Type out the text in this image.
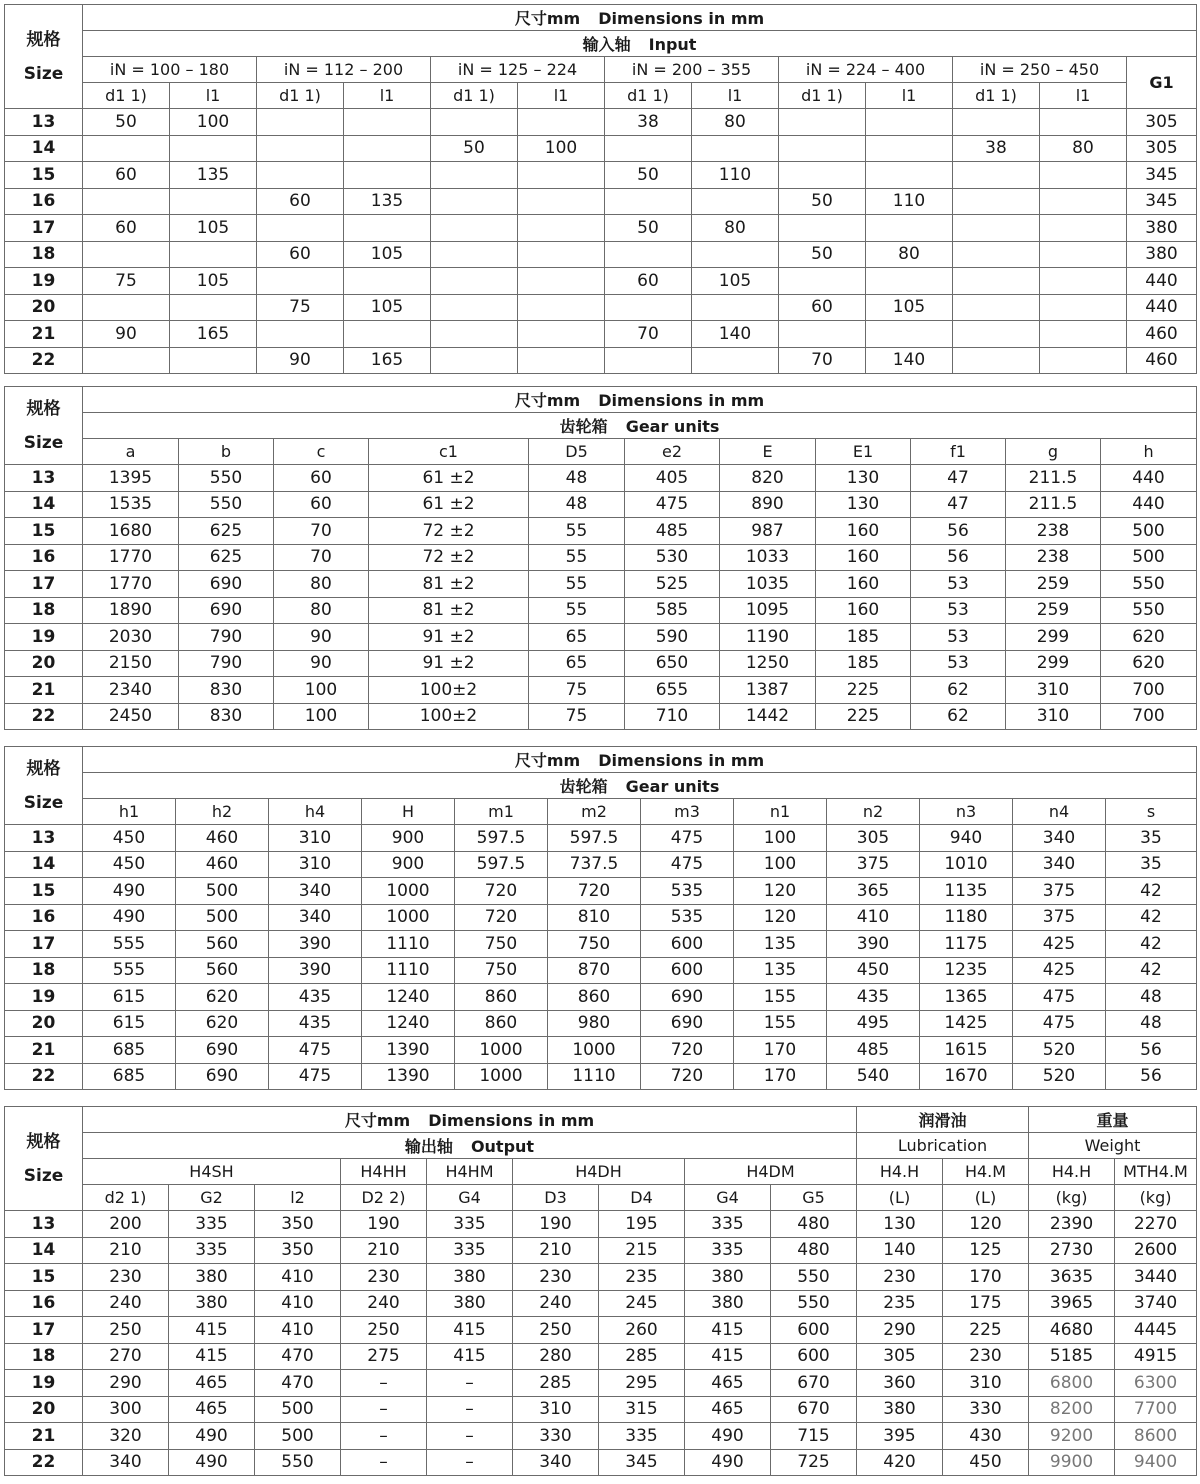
规格
Size	尺寸mm Dimensions in mm												
	输入轴 Input												
	iN = 100 – 180		iN = 112 – 200		iN = 125 – 224		iN = 200 – 355		iN = 224 – 400		iN = 250 – 450		G1
	d1 1)	l1	d1 1)	l1	d1 1)	l1	d1 1)	l1	d1 1)	l1	d1 1)	l1	
13	50	100					38	80					305
14					50	100					38	80	305
15	60	135					50	110					345
16			60	135					50	110			345
17	60	105					50	80					380
18			60	105					50	80			380
19	75	105					60	105					440
20			75	105					60	105			440
21	90	165					70	140					460
22			90	165					70	140			460
规格
Size	尺寸mm Dimensions in mm										
	齿轮箱 Gear units										
	a	b	c	c1	D5	e2	E	E1	f1	g	h
13	1395	550	60	61 ±2	48	405	820	130	47	211.5	440
14	1535	550	60	61 ±2	48	475	890	130	47	211.5	440
15	1680	625	70	72 ±2	55	485	987	160	56	238	500
16	1770	625	70	72 ±2	55	530	1033	160	56	238	500
17	1770	690	80	81 ±2	55	525	1035	160	53	259	550
18	1890	690	80	81 ±2	55	585	1095	160	53	259	550
19	2030	790	90	91 ±2	65	590	1190	185	53	299	620
20	2150	790	90	91 ±2	65	650	1250	185	53	299	620
21	2340	830	100	100±2	75	655	1387	225	62	310	700
22	2450	830	100	100±2	75	710	1442	225	62	310	700
规格
Size	尺寸mm Dimensions in mm											
	齿轮箱 Gear units											
	h1	h2	h4	H	m1	m2	m3	n1	n2	n3	n4	s
13	450	460	310	900	597.5	597.5	475	100	305	940	340	35
14	450	460	310	900	597.5	737.5	475	100	375	1010	340	35
15	490	500	340	1000	720	720	535	120	365	1135	375	42
16	490	500	340	1000	720	810	535	120	410	1180	375	42
17	555	560	390	1110	750	750	600	135	390	1175	425	42
18	555	560	390	1110	750	870	600	135	450	1235	425	42
19	615	620	435	1240	860	860	690	155	435	1365	475	48
20	615	620	435	1240	860	980	690	155	495	1425	475	48
21	685	690	475	1390	1000	1000	720	170	485	1615	520	56
22	685	690	475	1390	1000	1110	720	170	540	1670	520	56
规格
Size	尺寸mm Dimensions in mm									润滑油		重量	
	输出轴 Output									Lubrication		Weight	
	H4SH			H4HH	H4HM	H4DH		H4DM		H4.H	H4.M	H4.H	MTH4.M
	d2 1)	G2	l2	D2 2)	G4	D3	D4	G4	G5	(L)	(L)	(kg)	(kg)
13	200	335	350	190	335	190	195	335	480	130	120	2390	2270
14	210	335	350	210	335	210	215	335	480	140	125	2730	2600
15	230	380	410	230	380	230	235	380	550	230	170	3635	3440
16	240	380	410	240	380	240	245	380	550	235	175	3965	3740
17	250	415	410	250	415	250	260	415	600	290	225	4680	4445
18	270	415	470	275	415	280	285	415	600	305	230	5185	4915
19	290	465	470	–	–	285	295	465	670	360	310	6800	6300
20	300	465	500	–	–	310	315	465	670	380	330	8200	7700
21	320	490	500	–	–	330	335	490	715	395	430	9200	8600
22	340	490	550	–	–	340	345	490	725	420	450	9900	9400
